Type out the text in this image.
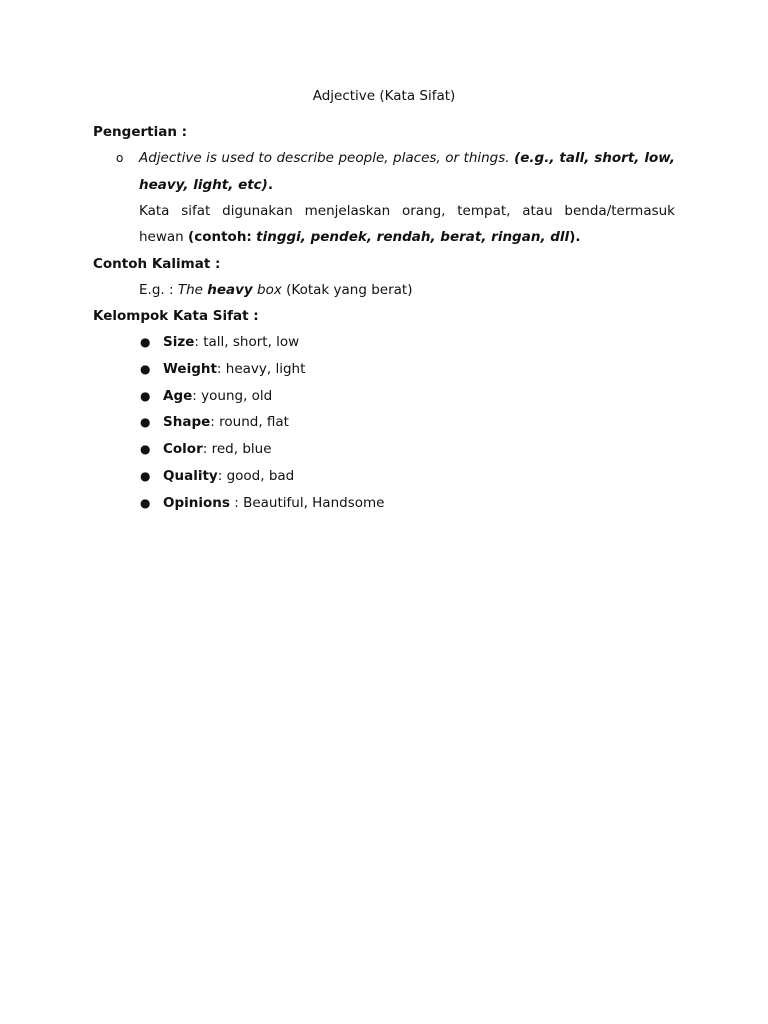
Adjective (Kata Sifat)
Pengertian :
o Adjective is used to describe people, places, or things. (e.g., tall, short, low,
heavy, light, etc).
Kata sifat digunakan menjelaskan orang, tempat, atau benda/termasuk
hewan (contoh: tinggi, pendek, rendah, berat, ringan, dll).
Contoh Kalimat :
E.g. : The heavy box (Kotak yang berat)
Kelompok Kata Sifat :
● Size: tall, short, low
● Weight: heavy, light
● Age: young, old
● Shape: round, flat
● Color: red, blue
● Quality: good, bad
● Opinions : Beautiful, Handsome
